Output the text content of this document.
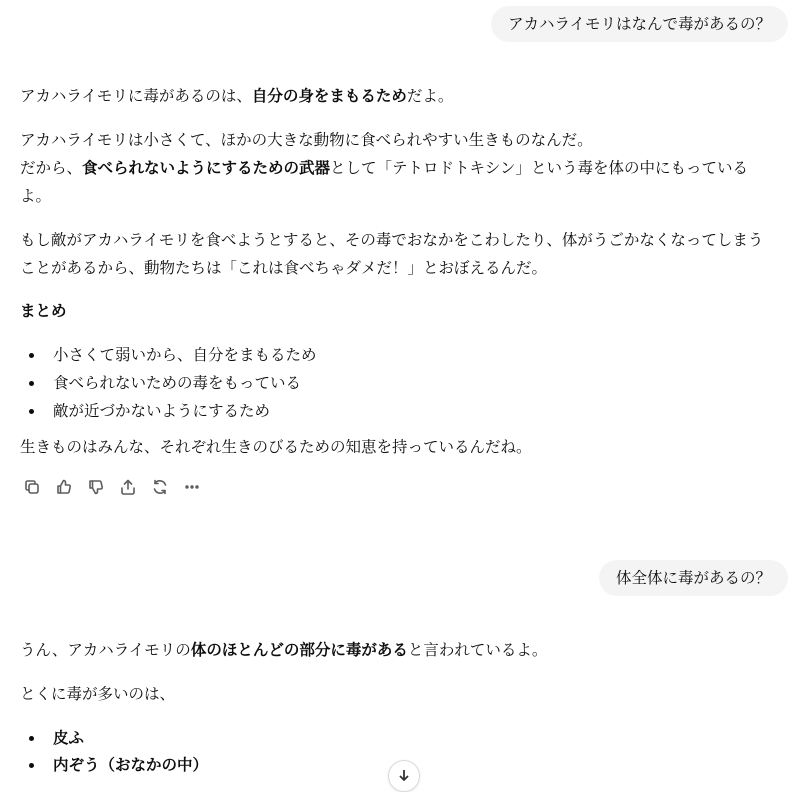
アカハライモリはなんで毒があるの？

アカハライモリに毒があるのは、自分の身をまもるためだよ。

アカハライモリは小さくて、ほかの大きな動物に食べられやすい生きものなんだ。

だから、食べられないようにするための武器として「テトロドトキシン」という毒を体の中にもっている

よ。

もし敵がアカハライモリを食べようとすると、その毒でおなかをこわしたり、体がうごかなくなってしまう

ことがあるから、動物たちは「これは食べちゃダメだ！」とおぼえるんだ。

まとめ

小さくて弱いから、自分をまもるため
食べられないための毒をもっている
敵が近づかないようにするため

生きものはみんな、それぞれ生きのびるための知恵を持っているんだね。

体全体に毒があるの？

うん、アカハライモリの体のほとんどの部分に毒があると言われているよ。

とくに毒が多いのは、

皮ふ
内ぞう（おなかの中）
